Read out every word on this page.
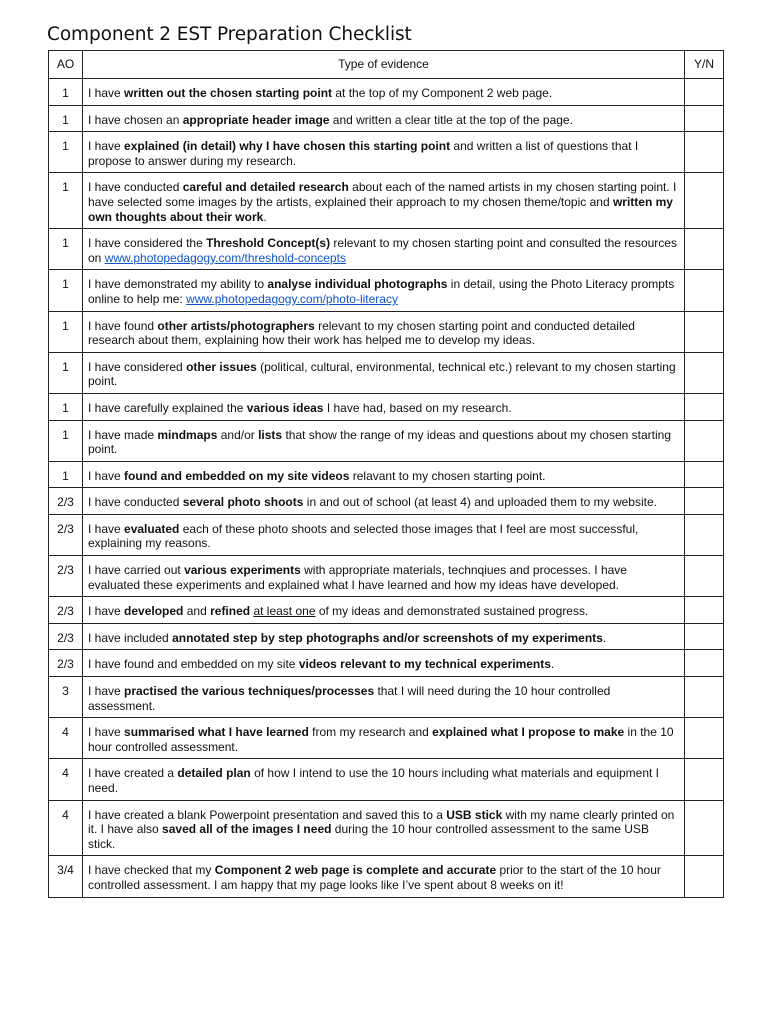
Component 2 EST Preparation Checklist
AO	Type of evidence	Y/N
1	I have written out the chosen starting point at the top of my Component 2 web page.	
1	I have chosen an appropriate header image and written a clear title at the top of the page.	
1	I have explained (in detail) why I have chosen this starting point and written a list of questions that I propose to answer during my research.	
1	I have conducted careful and detailed research about each of the named artists in my chosen starting point. I have selected some images by the artists, explained their approach to my chosen theme/topic and written my own thoughts about their work.	
1	I have considered the Threshold Concept(s) relevant to my chosen starting point and consulted the resources on www.photopedagogy.com/threshold-concepts	
1	I have demonstrated my ability to analyse individual photographs in detail, using the Photo Literacy prompts online to help me: www.photopedagogy.com/photo-literacy	
1	I have found other artists/photographers relevant to my chosen starting point and conducted detailed research about them, explaining how their work has helped me to develop my ideas.	
1	I have considered other issues (political, cultural, environmental, technical etc.) relevant to my chosen starting point.	
1	I have carefully explained the various ideas I have had, based on my research.	
1	I have made mindmaps and/or lists that show the range of my ideas and questions about my chosen starting point.	
1	I have found and embedded on my site videos relavant to my chosen starting point.	
2/3	I have conducted several photo shoots in and out of school (at least 4) and uploaded them to my website.	
2/3	I have evaluated each of these photo shoots and selected those images that I feel are most successful, explaining my reasons.	
2/3	I have carried out various experiments with appropriate materials, technqiues and processes. I have evaluated these experiments and explained what I have learned and how my ideas have developed.	
2/3	I have developed and refined at least one of my ideas and demonstrated sustained progress.	
2/3	I have included annotated step by step photographs and/or screenshots of my experiments.	
2/3	I have found and embedded on my site videos relevant to my technical experiments.	
3	I have practised the various techniques/processes that I will need during the 10 hour controlled assessment.	
4	I have summarised what I have learned from my research and explained what I propose to make in the 10 hour controlled assessment.	
4	I have created a detailed plan of how I intend to use the 10 hours including what materials and equipment I need.	
4	I have created a blank Powerpoint presentation and saved this to a USB stick with my name clearly printed on it. I have also saved all of the images I need during the 10 hour controlled assessment to the same USB stick.	
3/4	I have checked that my Component 2 web page is complete and accurate prior to the start of the 10 hour controlled assessment. I am happy that my page looks like I’ve spent about 8 weeks on it!	
